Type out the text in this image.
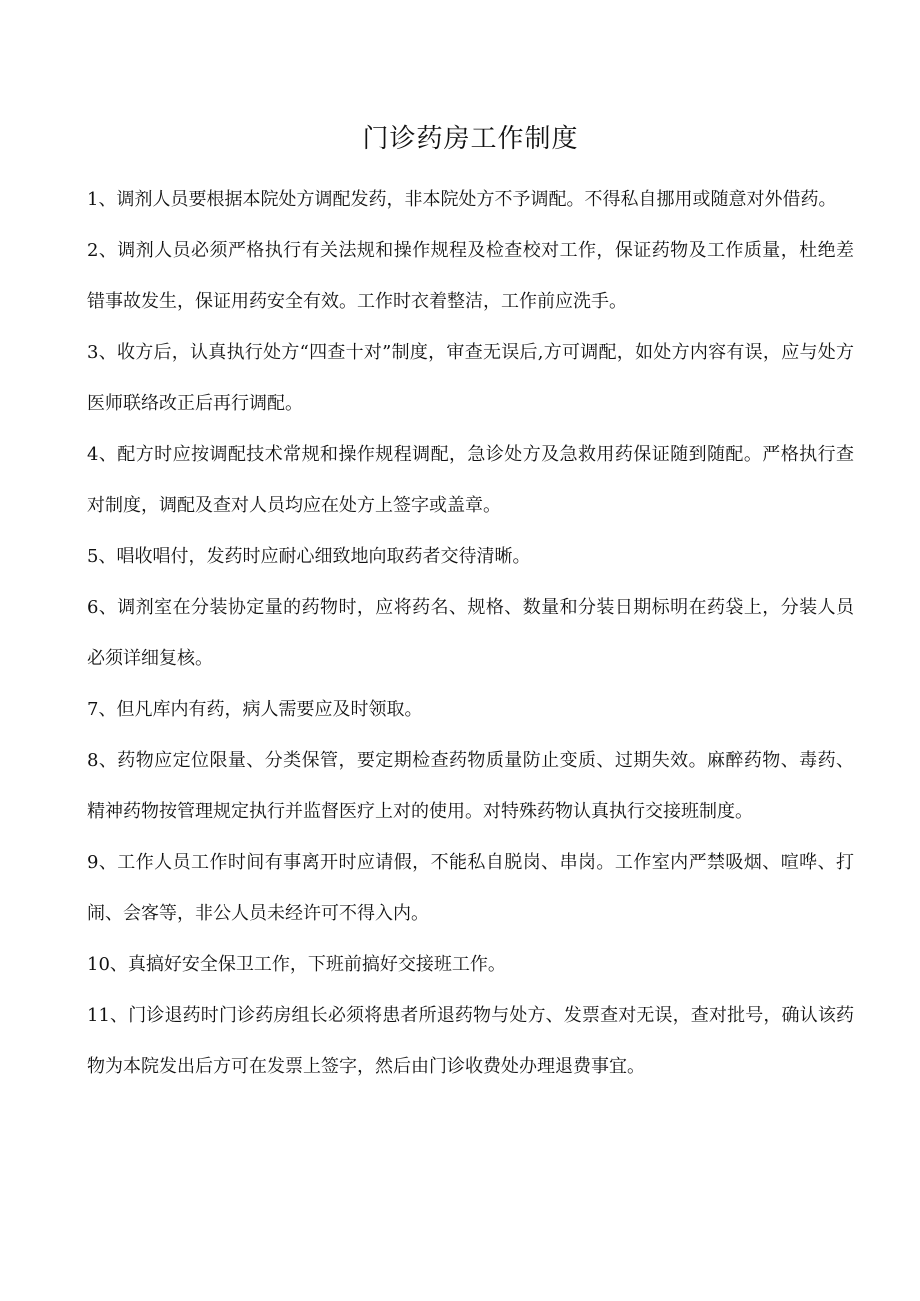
门诊药房工作制度

1、调剂人员要根据本院处方调配发药，非本院处方不予调配。不得私自挪用或随意对外借药。

2、调剂人员必须严格执行有关法规和操作规程及检查校对工作，保证药物及工作质量，杜绝差错事故发生，保证用药安全有效。工作时衣着整洁，工作前应洗手。

3、收方后，认真执行处方“四查十对”制度，审查无误后,方可调配，如处方内容有误，应与处方医师联络改正后再行调配。

4、配方时应按调配技术常规和操作规程调配，急诊处方及急救用药保证随到随配。严格执行查对制度，调配及查对人员均应在处方上签字或盖章。

5、唱收唱付，发药时应耐心细致地向取药者交待清晰。

6、调剂室在分装协定量的药物时，应将药名、规格、数量和分装日期标明在药袋上，分装人员必须详细复核。

7、但凡库内有药，病人需要应及时领取。

8、药物应定位限量、分类保管，要定期检查药物质量防止变质、过期失效。麻醉药物、毒药、精神药物按管理规定执行并监督医疗上对的使用。对特殊药物认真执行交接班制度。

9、工作人员工作时间有事离开时应请假，不能私自脱岗、串岗。工作室内严禁吸烟、喧哗、打闹、会客等，非公人员未经许可不得入内。

10、真搞好安全保卫工作，下班前搞好交接班工作。

11、门诊退药时门诊药房组长必须将患者所退药物与处方、发票查对无误，查对批号，确认该药物为本院发出后方可在发票上签字，然后由门诊收费处办理退费事宜。
